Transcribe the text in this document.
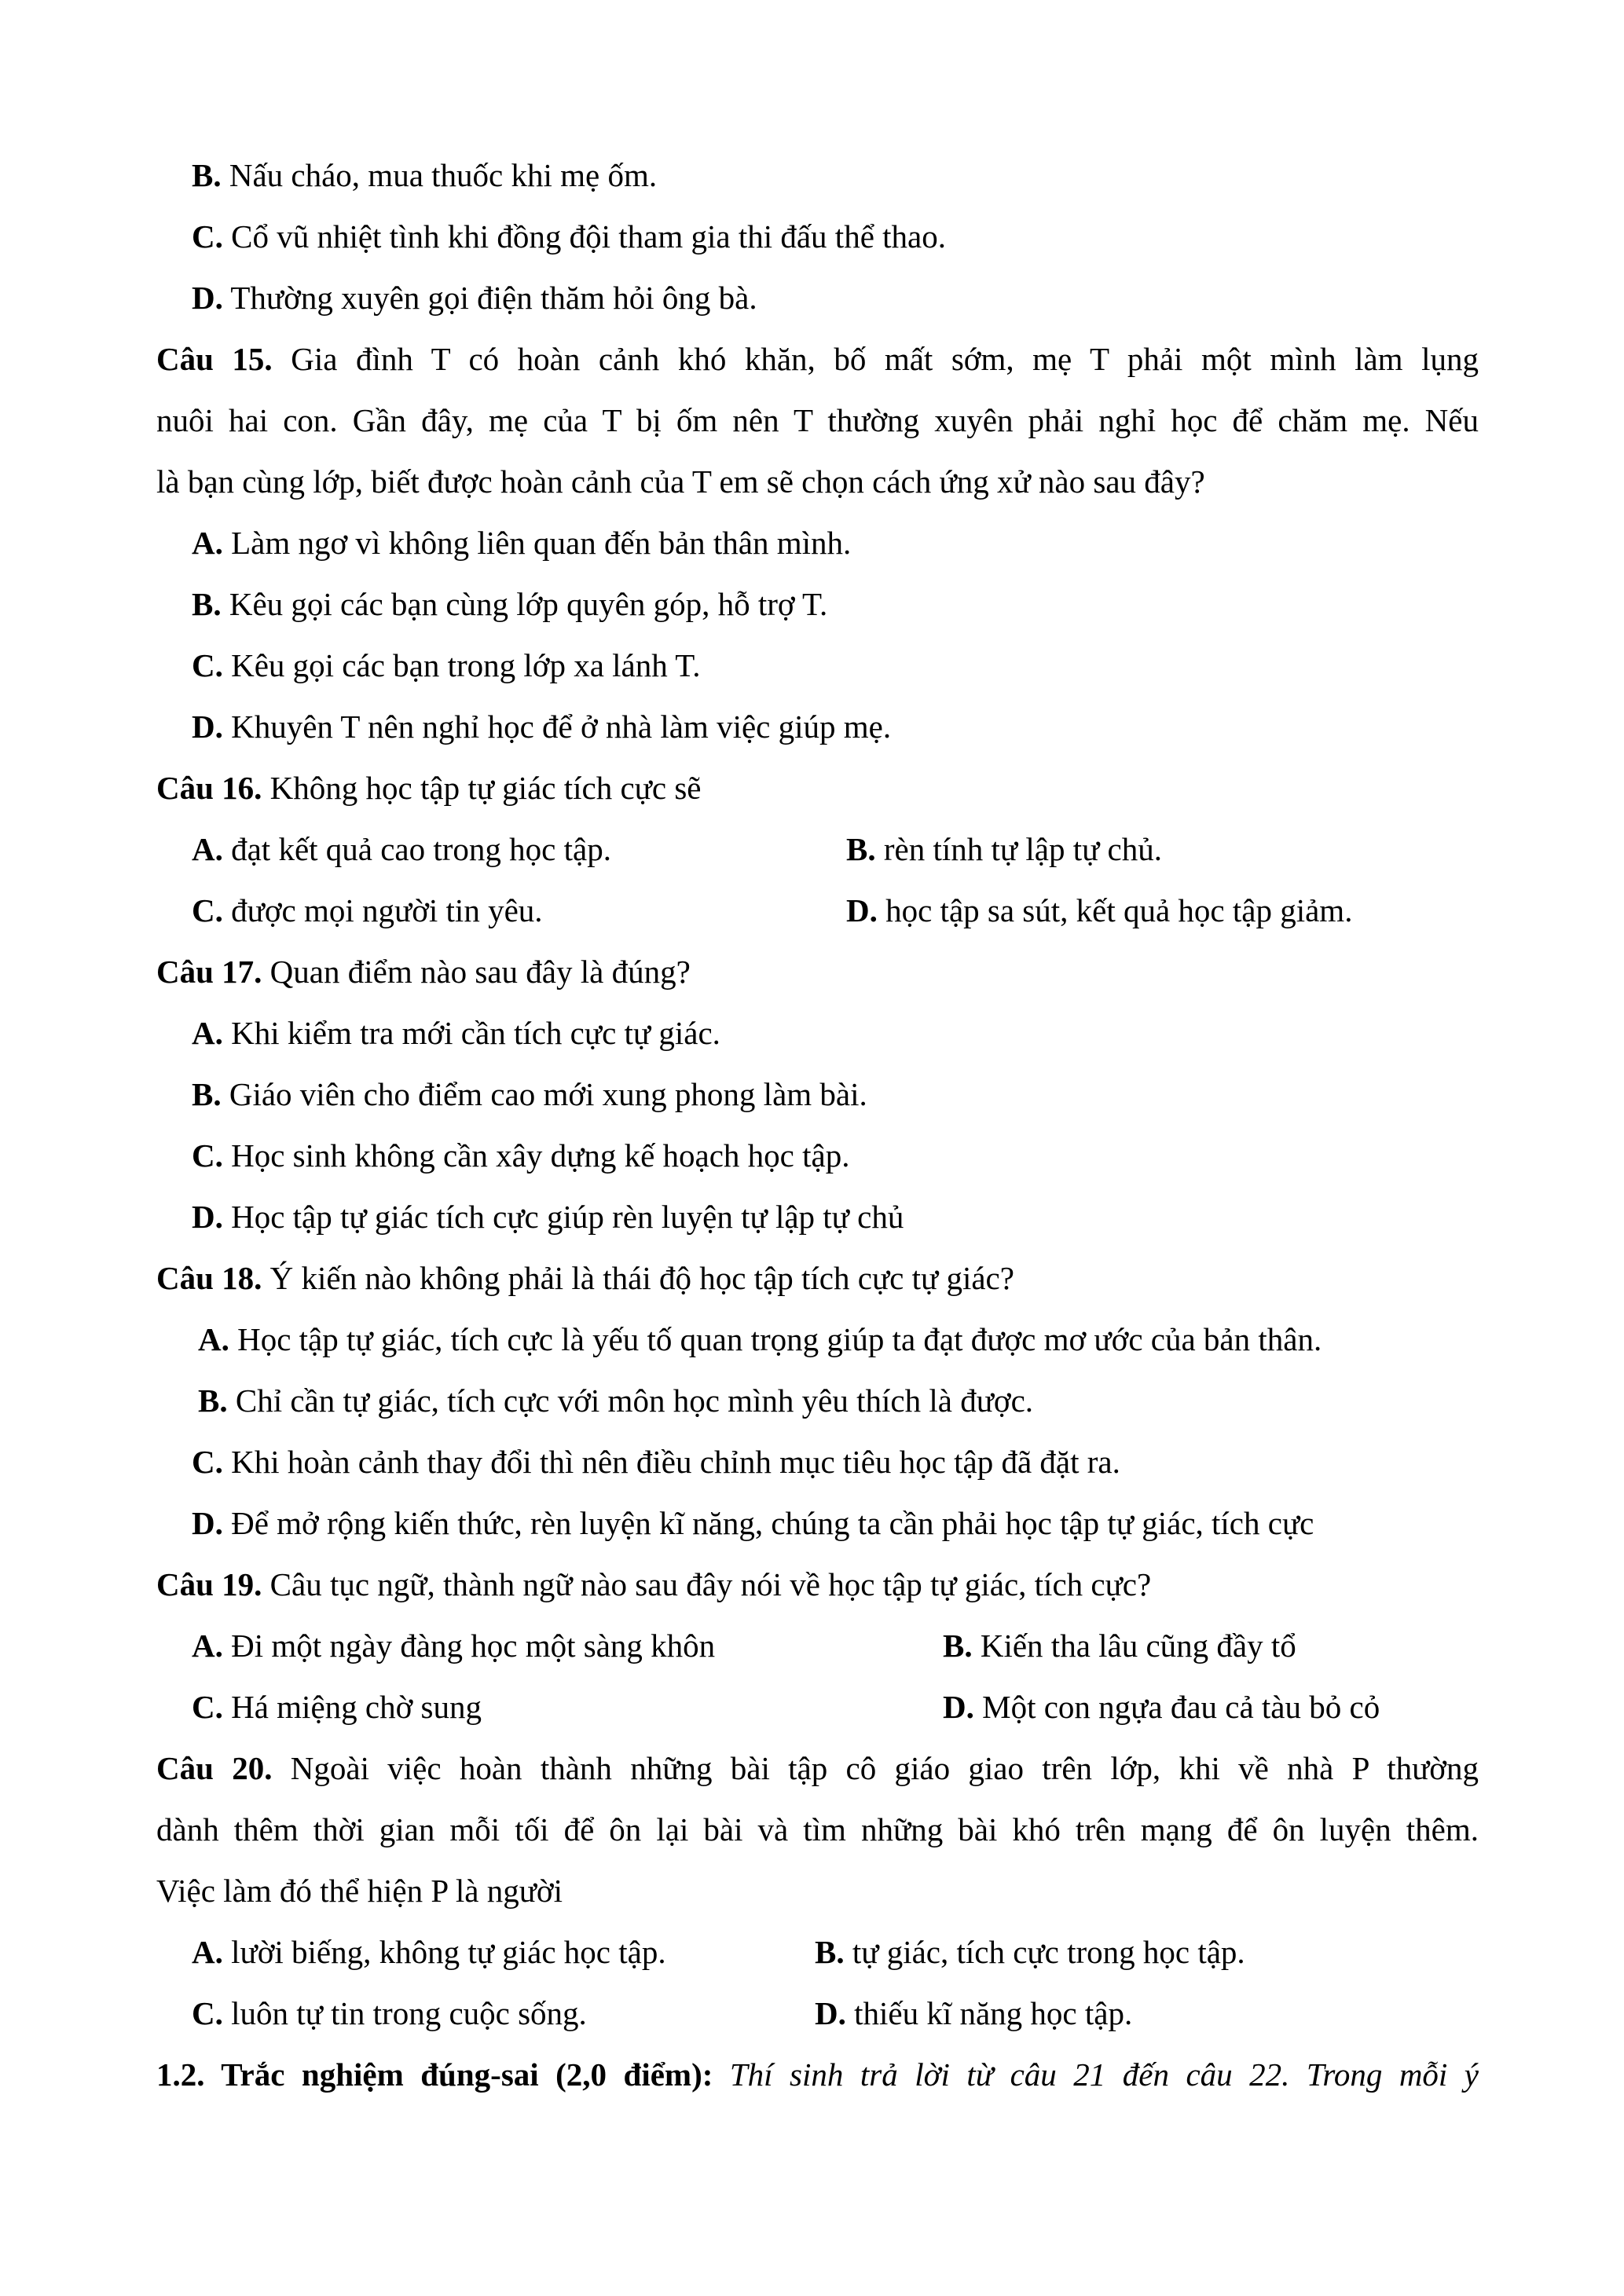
B. Nấu cháo, mua thuốc khi mẹ ốm.
C. Cổ vũ nhiệt tình khi đồng đội tham gia thi đấu thể thao.
D. Thường xuyên gọi điện thăm hỏi ông bà.
Câu 15. Gia đình T có hoàn cảnh khó khăn, bố mất sớm, mẹ T phải một mình làm lụng
nuôi hai con. Gần đây, mẹ của T bị ốm nên T thường xuyên phải nghỉ học để chăm mẹ. Nếu
là bạn cùng lớp, biết được hoàn cảnh của T em sẽ chọn cách ứng xử nào sau đây?
A. Làm ngơ vì không liên quan đến bản thân mình.
B. Kêu gọi các bạn cùng lớp quyên góp, hỗ trợ T.
C. Kêu gọi các bạn trong lớp xa lánh T.
D. Khuyên T nên nghỉ học để ở nhà làm việc giúp mẹ.
Câu 16. Không học tập tự giác tích cực sẽ
A. đạt kết quả cao trong học tập.	B. rèn tính tự lập tự chủ.
C. được mọi người tin yêu.	D. học tập sa sút, kết quả học tập giảm.
Câu 17. Quan điểm nào sau đây là đúng?
A. Khi kiểm tra mới cần tích cực tự giác.
B. Giáo viên cho điểm cao mới xung phong làm bài.
C. Học sinh không cần xây dựng kế hoạch học tập.
D. Học tập tự giác tích cực giúp rèn luyện tự lập tự chủ
Câu 18. Ý kiến nào không phải là thái độ học tập tích cực tự giác?
A. Học tập tự giác, tích cực là yếu tố quan trọng giúp ta đạt được mơ ước của bản thân.
B. Chỉ cần tự giác, tích cực với môn học mình yêu thích là được.
C. Khi hoàn cảnh thay đổi thì nên điều chỉnh mục tiêu học tập đã đặt ra.
D. Để mở rộng kiến thức, rèn luyện kĩ năng, chúng ta cần phải học tập tự giác, tích cực
Câu 19. Câu tục ngữ, thành ngữ nào sau đây nói về học tập tự giác, tích cực?
A. Đi một ngày đàng học một sàng khôn	B. Kiến tha lâu cũng đầy tổ
C. Há miệng chờ sung	D. Một con ngựa đau cả tàu bỏ cỏ
Câu 20. Ngoài việc hoàn thành những bài tập cô giáo giao trên lớp, khi về nhà P thường
dành thêm thời gian mỗi tối để ôn lại bài và tìm những bài khó trên mạng để ôn luyện thêm.
Việc làm đó thể hiện P là người
A. lười biếng, không tự giác học tập.	B. tự giác, tích cực trong học tập.
C. luôn tự tin trong cuộc sống.	D. thiếu kĩ năng học tập.
1.2. Trắc nghiệm đúng-sai (2,0 điểm): Thí sinh trả lời từ câu 21 đến câu 22. Trong mỗi ý
